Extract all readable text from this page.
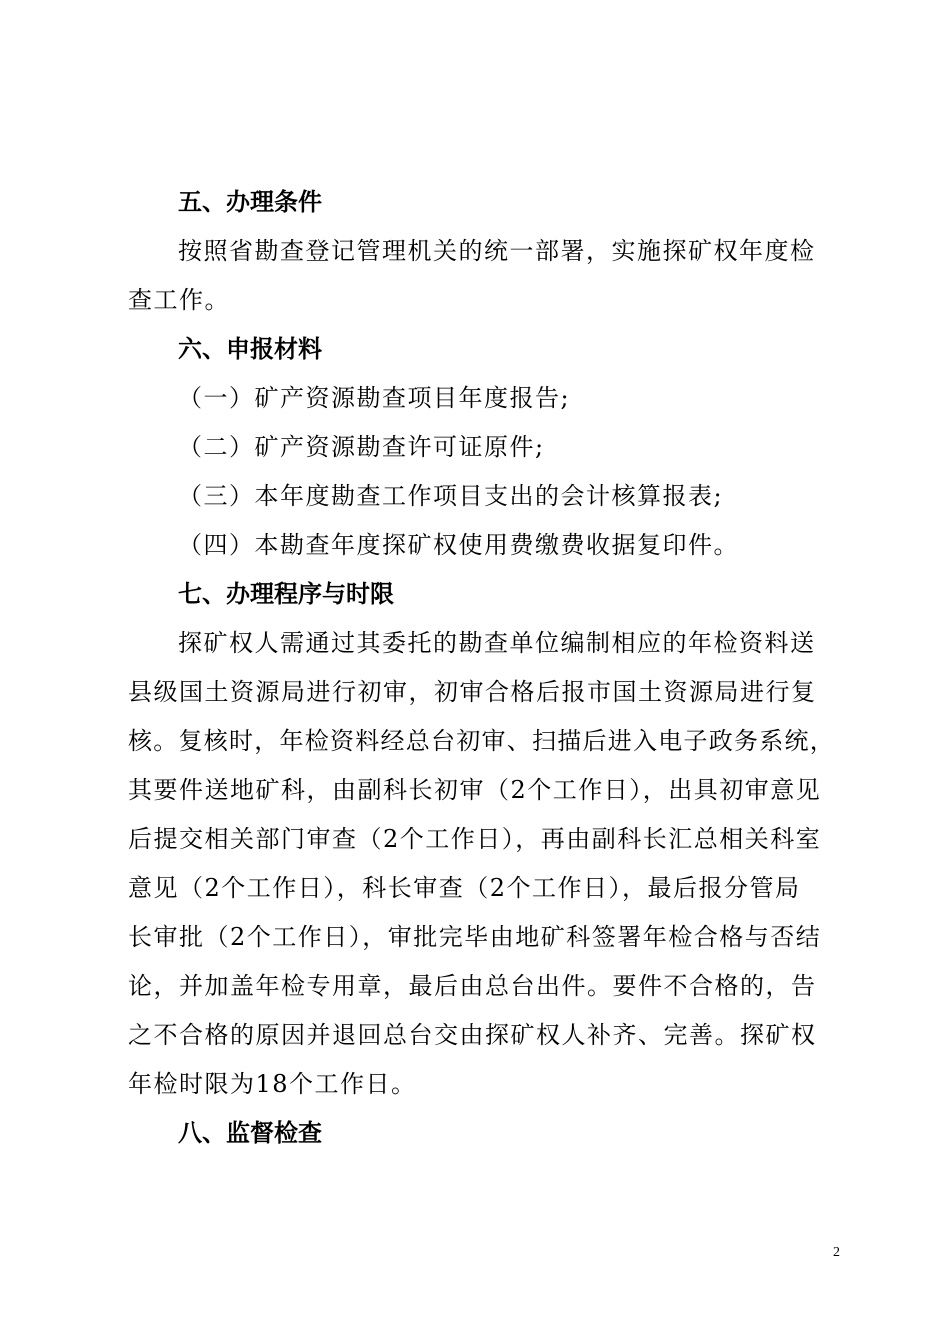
五、办理条件

按照省勘查登记管理机关的统一部署，实施探矿权年度检

查工作。

六、申报材料

（一）矿产资源勘查项目年度报告;

（二）矿产资源勘查许可证原件;

（三）本年度勘查工作项目支出的会计核算报表;

（四）本勘查年度探矿权使用费缴费收据复印件。

七、办理程序与时限

探矿权人需通过其委托的勘查单位编制相应的年检资料送

县级国土资源局进行初审，初审合格后报市国土资源局进行复

核。复核时，年检资料经总台初审、扫描后进入电子政务系统，

其要件送地矿科，由副科长初审（2个工作日），出具初审意见

后提交相关部门审查（2个工作日），再由副科长汇总相关科室

意见（2个工作日），科长审查（2个工作日），最后报分管局

长审批（2个工作日），审批完毕由地矿科签署年检合格与否结

论，并加盖年检专用章，最后由总台出件。要件不合格的，告

之不合格的原因并退回总台交由探矿权人补齐、完善。探矿权

年检时限为18个工作日。

八、监督检查

2
